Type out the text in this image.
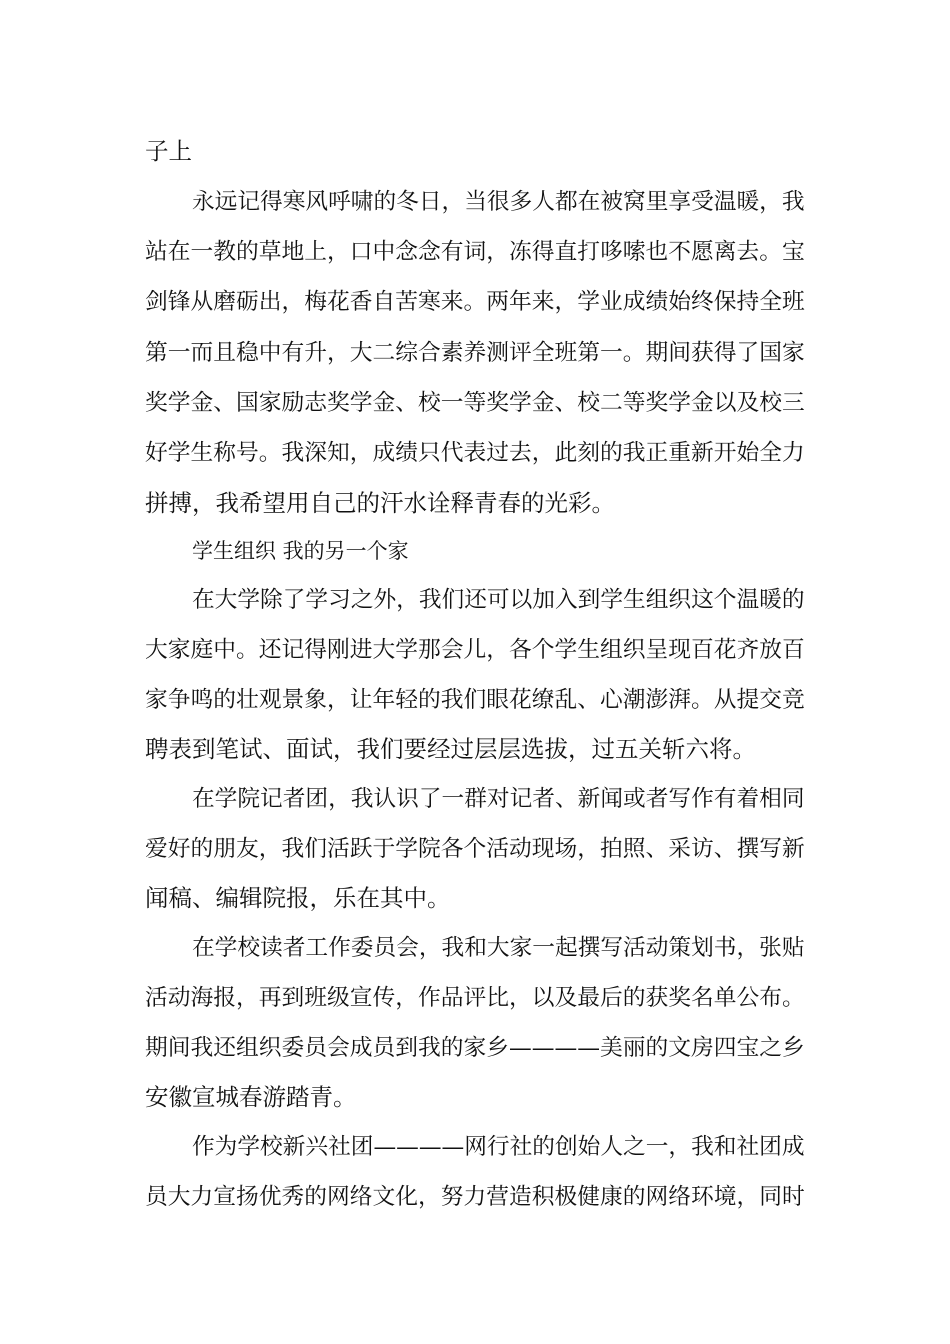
子上
永远记得寒风呼啸的冬日，当很多人都在被窝里享受温暖，我
站在一教的草地上，口中念念有词，冻得直打哆嗦也不愿离去。宝
剑锋从磨砺出，梅花香自苦寒来。两年来，学业成绩始终保持全班
第一而且稳中有升，大二综合素养测评全班第一。期间获得了国家
奖学金、国家励志奖学金、校一等奖学金、校二等奖学金以及校三
好学生称号。我深知，成绩只代表过去，此刻的我正重新开始全力
拼搏，我希望用自己的汗水诠释青春的光彩。
学生组织 我的另一个家
在大学除了学习之外，我们还可以加入到学生组织这个温暖的
大家庭中。还记得刚进大学那会儿，各个学生组织呈现百花齐放百
家争鸣的壮观景象，让年轻的我们眼花缭乱、心潮澎湃。从提交竞
聘表到笔试、面试，我们要经过层层选拔，过五关斩六将。
在学院记者团，我认识了一群对记者、新闻或者写作有着相同
爱好的朋友，我们活跃于学院各个活动现场，拍照、采访、撰写新
闻稿、编辑院报，乐在其中。
在学校读者工作委员会，我和大家一起撰写活动策划书，张贴
活动海报，再到班级宣传，作品评比，以及最后的获奖名单公布。
期间我还组织委员会成员到我的家乡————美丽的文房四宝之乡
安徽宣城春游踏青。
作为学校新兴社团————网行社的创始人之一，我和社团成
员大力宣扬优秀的网络文化，努力营造积极健康的网络环境，同时
